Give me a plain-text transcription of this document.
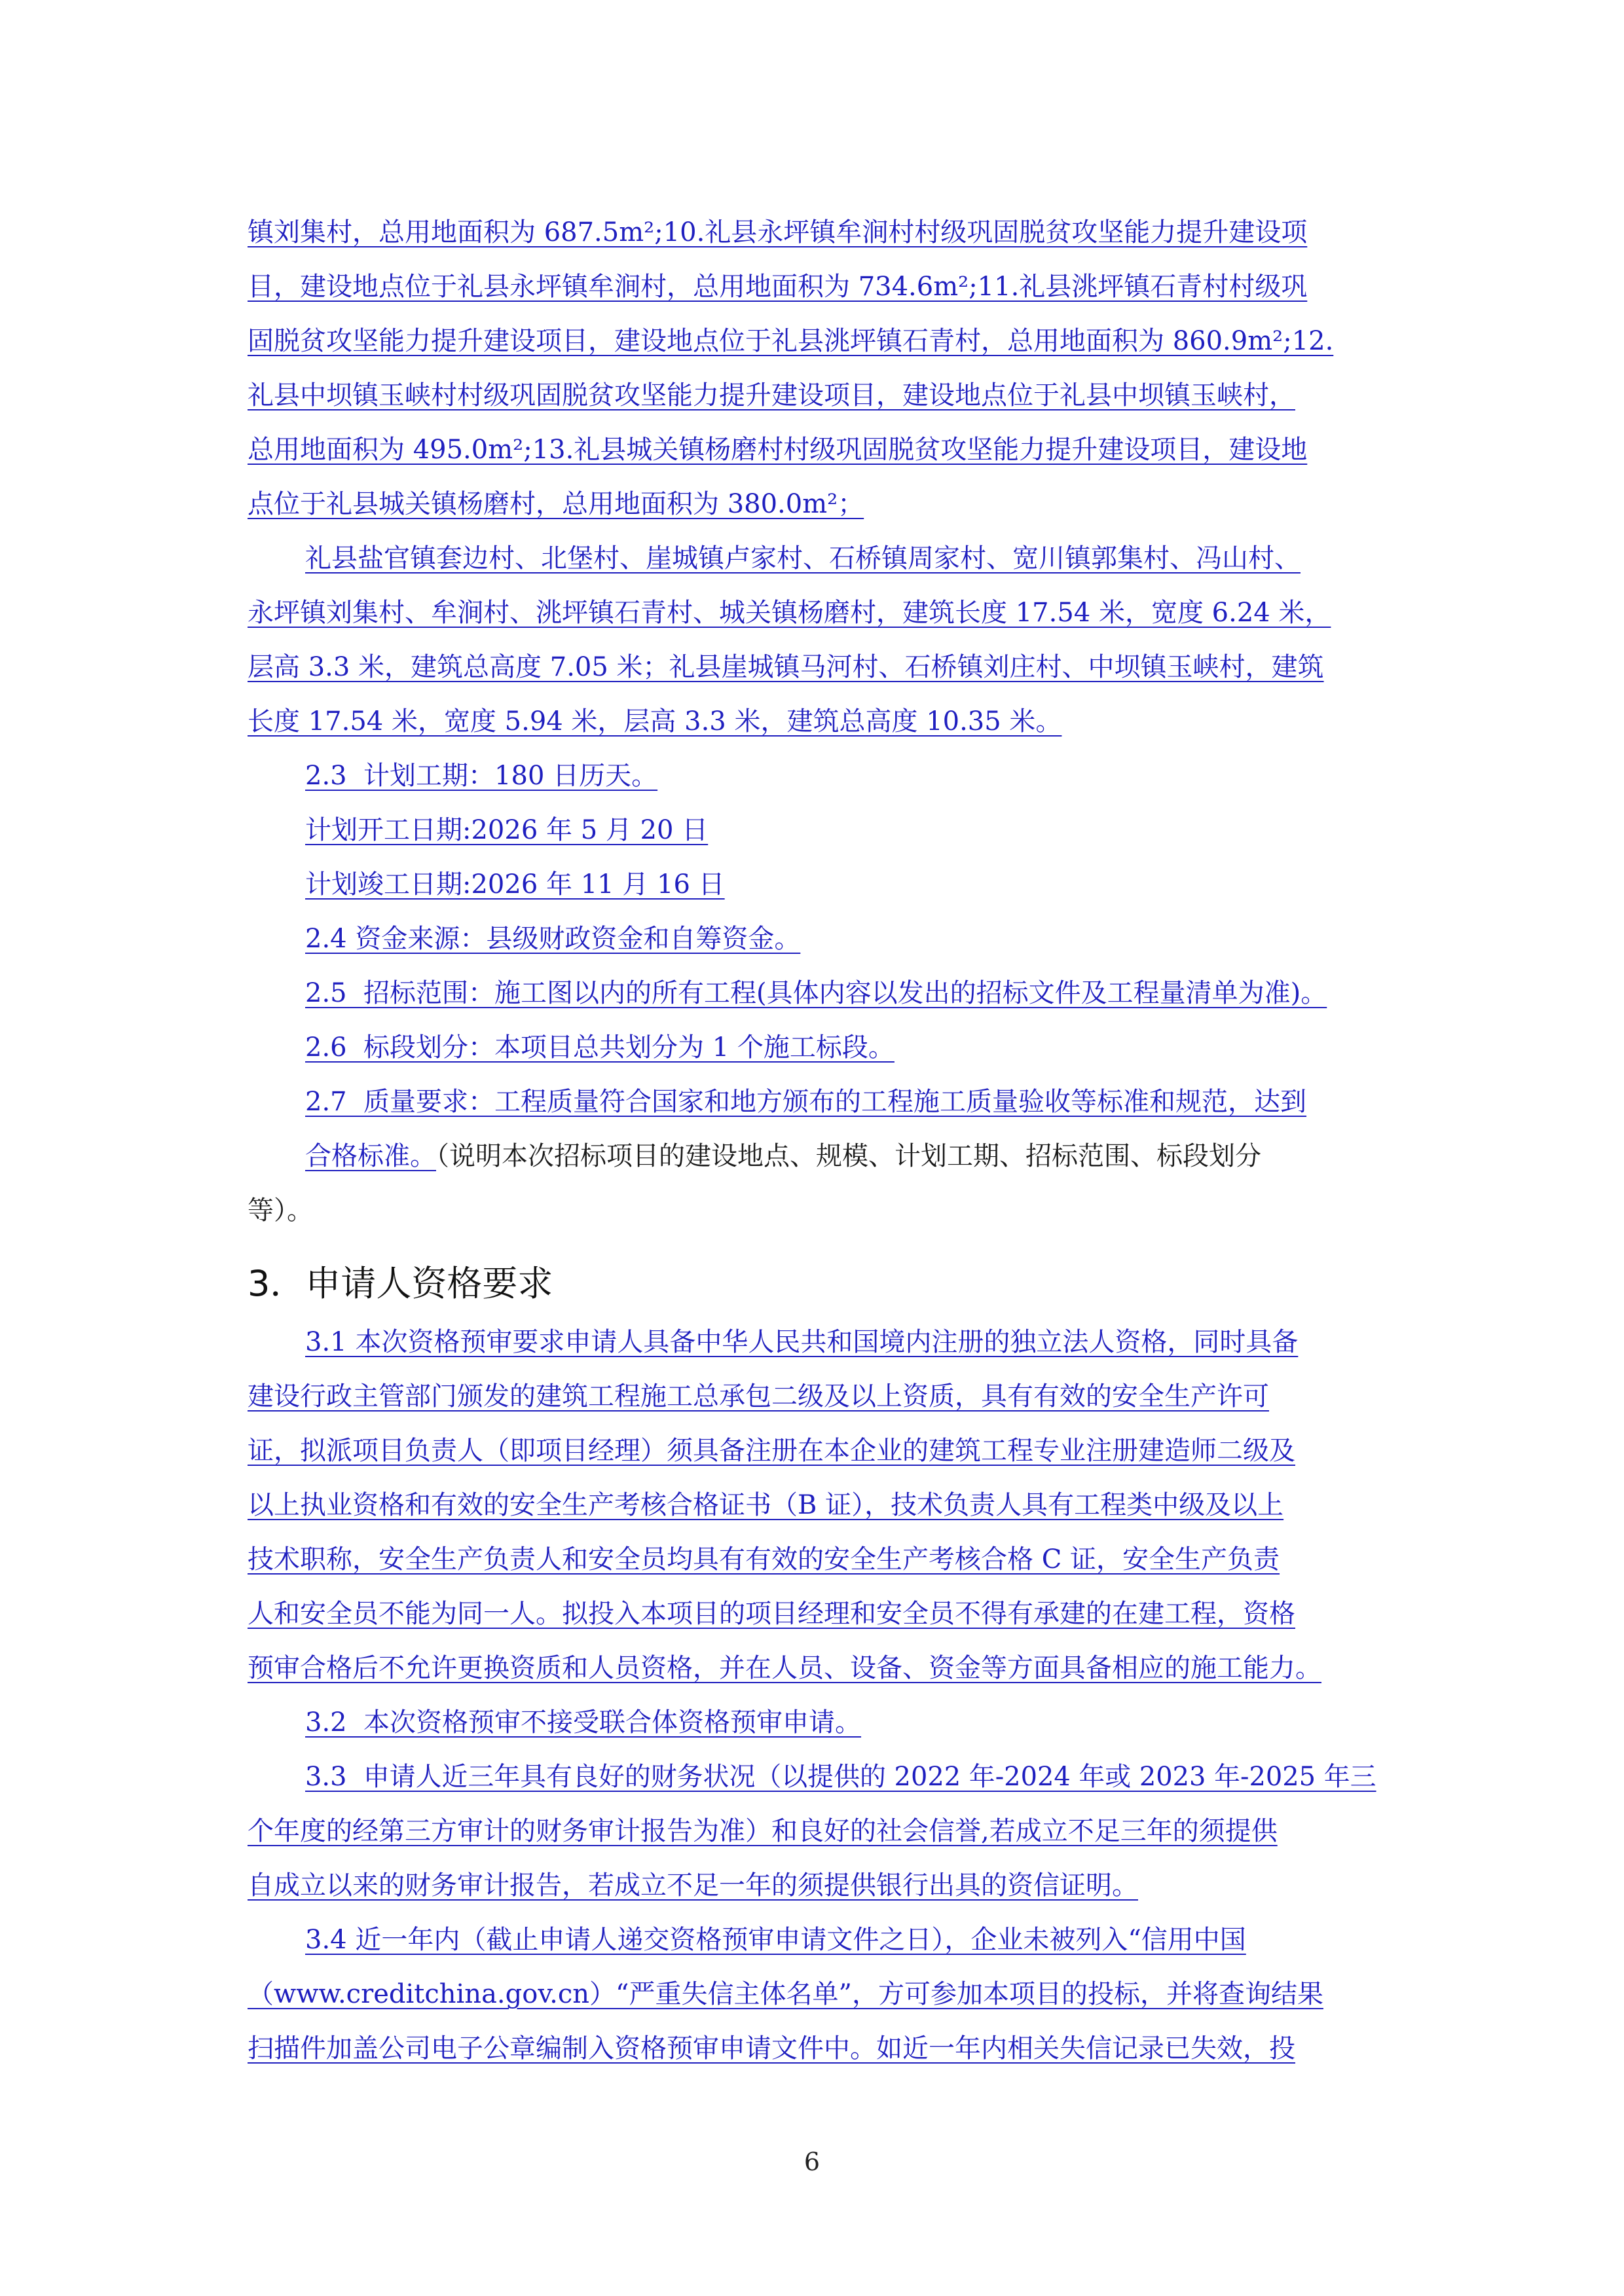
镇刘集村，总用地面积为 687.5m²;10.礼县永坪镇牟涧村村级巩固脱贫攻坚能力提升建设项
目，建设地点位于礼县永坪镇牟涧村，总用地面积为 734.6m²;11.礼县洮坪镇石青村村级巩
固脱贫攻坚能力提升建设项目，建设地点位于礼县洮坪镇石青村，总用地面积为 860.9m²;12.
礼县中坝镇玉峡村村级巩固脱贫攻坚能力提升建设项目，建设地点位于礼县中坝镇玉峡村，
总用地面积为 495.0m²;13.礼县城关镇杨磨村村级巩固脱贫攻坚能力提升建设项目，建设地
点位于礼县城关镇杨磨村，总用地面积为 380.0m²；
礼县盐官镇套边村、北堡村、崖城镇卢家村、石桥镇周家村、宽川镇郭集村、冯山村、
永坪镇刘集村、牟涧村、洮坪镇石青村、城关镇杨磨村，建筑长度 17.54 米，宽度 6.24 米，
层高 3.3 米，建筑总高度 7.05 米；礼县崖城镇马河村、石桥镇刘庄村、中坝镇玉峡村，建筑
长度 17.54 米，宽度 5.94 米，层高 3.3 米，建筑总高度 10.35 米。
2.3  计划工期：180 日历天。
计划开工日期:2026 年 5 月 20 日
计划竣工日期:2026 年 11 月 16 日
2.4 资金来源：县级财政资金和自筹资金。
2.5  招标范围：施工图以内的所有工程(具体内容以发出的招标文件及工程量清单为准)。
2.6  标段划分：本项目总共划分为 1 个施工标段。
2.7  质量要求：工程质量符合国家和地方颁布的工程施工质量验收等标准和规范，达到
合格标准。（说明本次招标项目的建设地点、规模、计划工期、招标范围、标段划分
等）。
3．申请人资格要求
3.1 本次资格预审要求申请人具备中华人民共和国境内注册的独立法人资格，同时具备
建设行政主管部门颁发的建筑工程施工总承包二级及以上资质，具有有效的安全生产许可
证，拟派项目负责人（即项目经理）须具备注册在本企业的建筑工程专业注册建造师二级及
以上执业资格和有效的安全生产考核合格证书（B 证），技术负责人具有工程类中级及以上
技术职称，安全生产负责人和安全员均具有有效的安全生产考核合格 C 证，安全生产负责
人和安全员不能为同一人。拟投入本项目的项目经理和安全员不得有承建的在建工程，资格
预审合格后不允许更换资质和人员资格，并在人员、设备、资金等方面具备相应的施工能力。
3.2  本次资格预审不接受联合体资格预审申请。
3.3  申请人近三年具有良好的财务状况（以提供的 2022 年-2024 年或 2023 年-2025 年三
个年度的经第三方审计的财务审计报告为准）和良好的社会信誉,若成立不足三年的须提供
自成立以来的财务审计报告，若成立不足一年的须提供银行出具的资信证明。
3.4 近一年内（截止申请人递交资格预审申请文件之日），企业未被列入“信用中国
（www.creditchina.gov.cn）“严重失信主体名单”，方可参加本项目的投标，并将查询结果
扫描件加盖公司电子公章编制入资格预审申请文件中。如近一年内相关失信记录已失效，投
6
